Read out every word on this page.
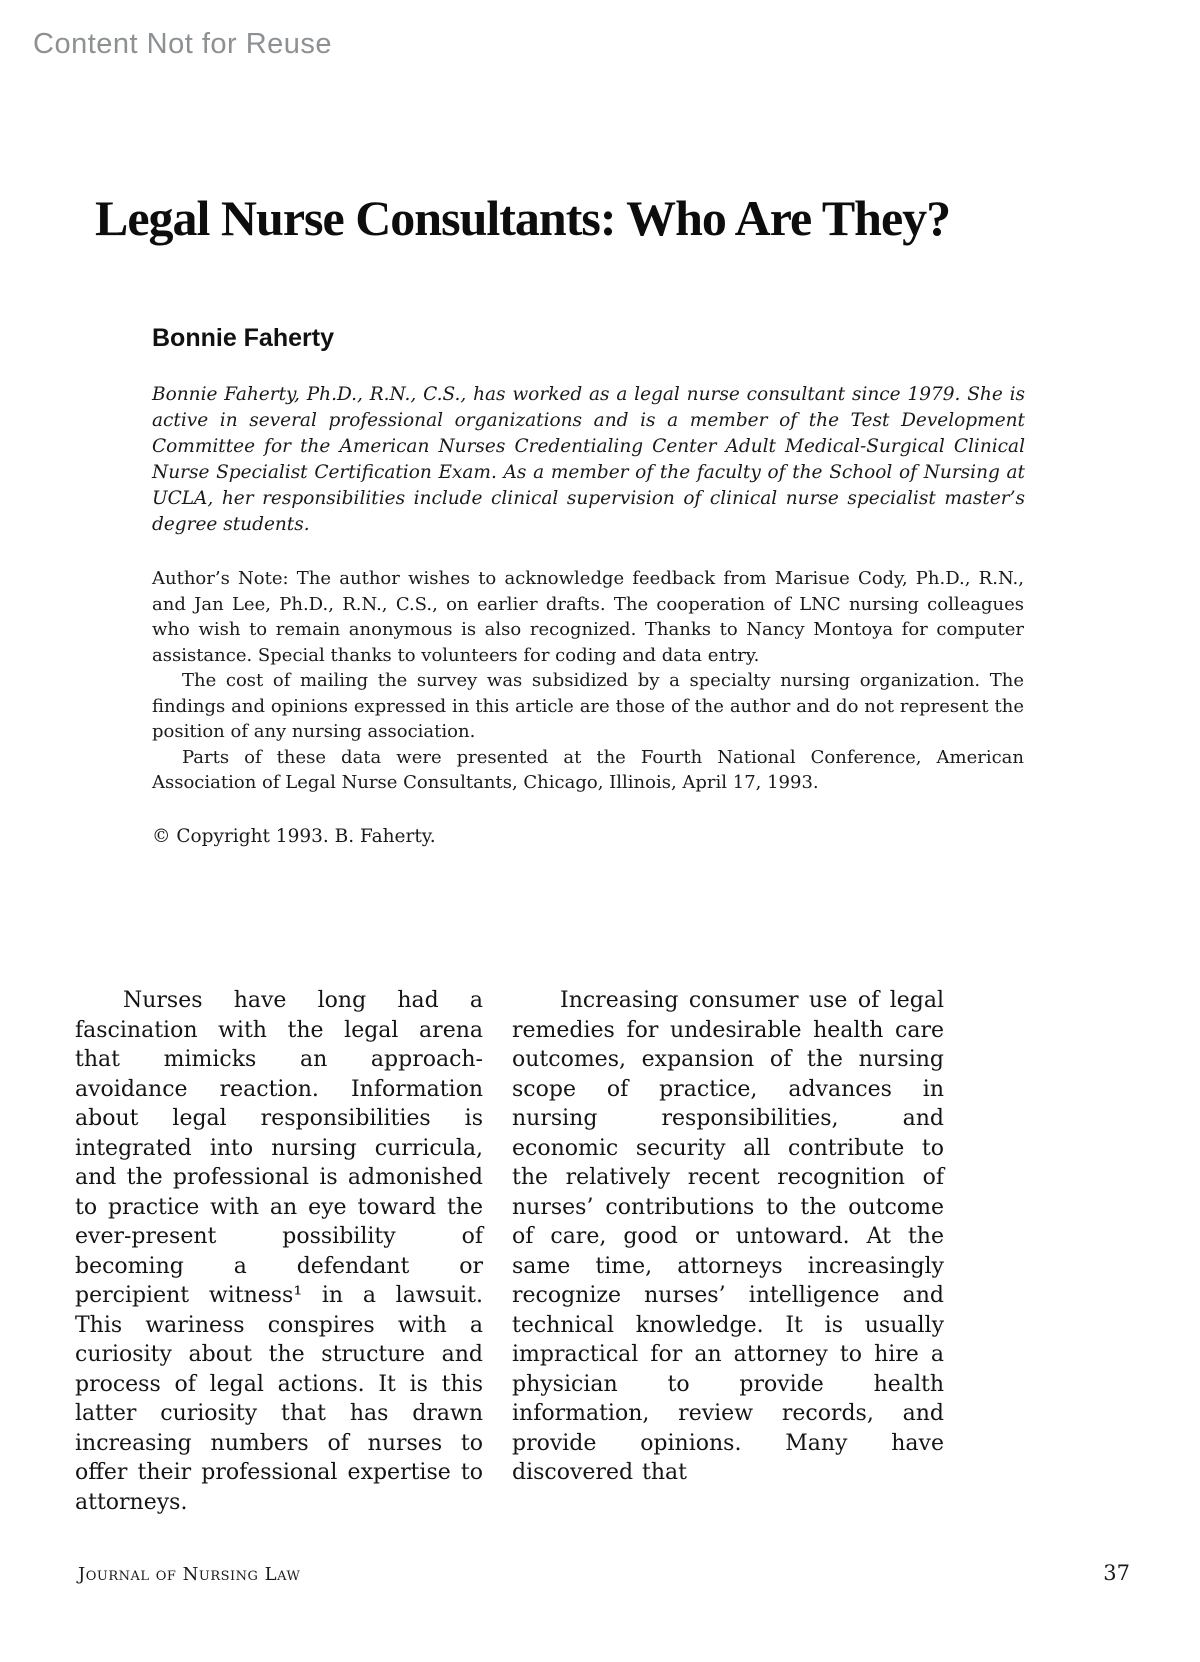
Content Not for Reuse
Legal Nurse Consultants: Who Are They?
Bonnie Faherty

Bonnie Faherty, Ph.D., R.N., C.S., has worked as a legal nurse consultant since 1979. She is active in several professional organizations and is a member of the Test Development Committee for the American Nurses Credentialing Center Adult Medical-Surgical Clinical Nurse Specialist Certification Exam. As a member of the faculty of the School of Nursing at UCLA, her responsibilities include clinical supervision of clinical nurse specialist master’s degree students.

Author’s Note: The author wishes to acknowledge feedback from Marisue Cody, Ph.D., R.N., and Jan Lee, Ph.D., R.N., C.S., on earlier drafts. The cooperation of LNC nursing colleagues who wish to remain anonymous is also recognized. Thanks to Nancy Montoya for computer assistance. Special thanks to volunteers for coding and data entry.

The cost of mailing the survey was subsidized by a specialty nursing organization. The findings and opinions expressed in this article are those of the author and do not represent the position of any nursing association.

Parts of these data were presented at the Fourth National Conference, American Association of Legal Nurse Consultants, Chicago, Illinois, April 17, 1993.

© Copyright 1993. B. Faherty.

Nurses have long had a fascination with the legal arena that mimicks an approach-avoidance reaction. Information about legal responsibilities is integrated into nursing curricula, and the professional is admonished to practice with an eye toward the ever-present possibility of becoming a defendant or percipient witness¹ in a lawsuit. This wariness conspires with a curiosity about the structure and process of legal actions. It is this latter curiosity that has drawn increasing numbers of nurses to offer their professional expertise to attorneys.

Increasing consumer use of legal remedies for undesirable health care outcomes, expansion of the nursing scope of practice, advances in nursing responsibilities, and economic security all contribute to the relatively recent recognition of nurses’ contributions to the outcome of care, good or untoward. At the same time, attorneys increasingly recognize nurses’ intelligence and technical knowledge. It is usually impractical for an attorney to hire a physician to provide health information, review records, and provide opinions. Many have discovered that

Journal of Nursing Law	37
